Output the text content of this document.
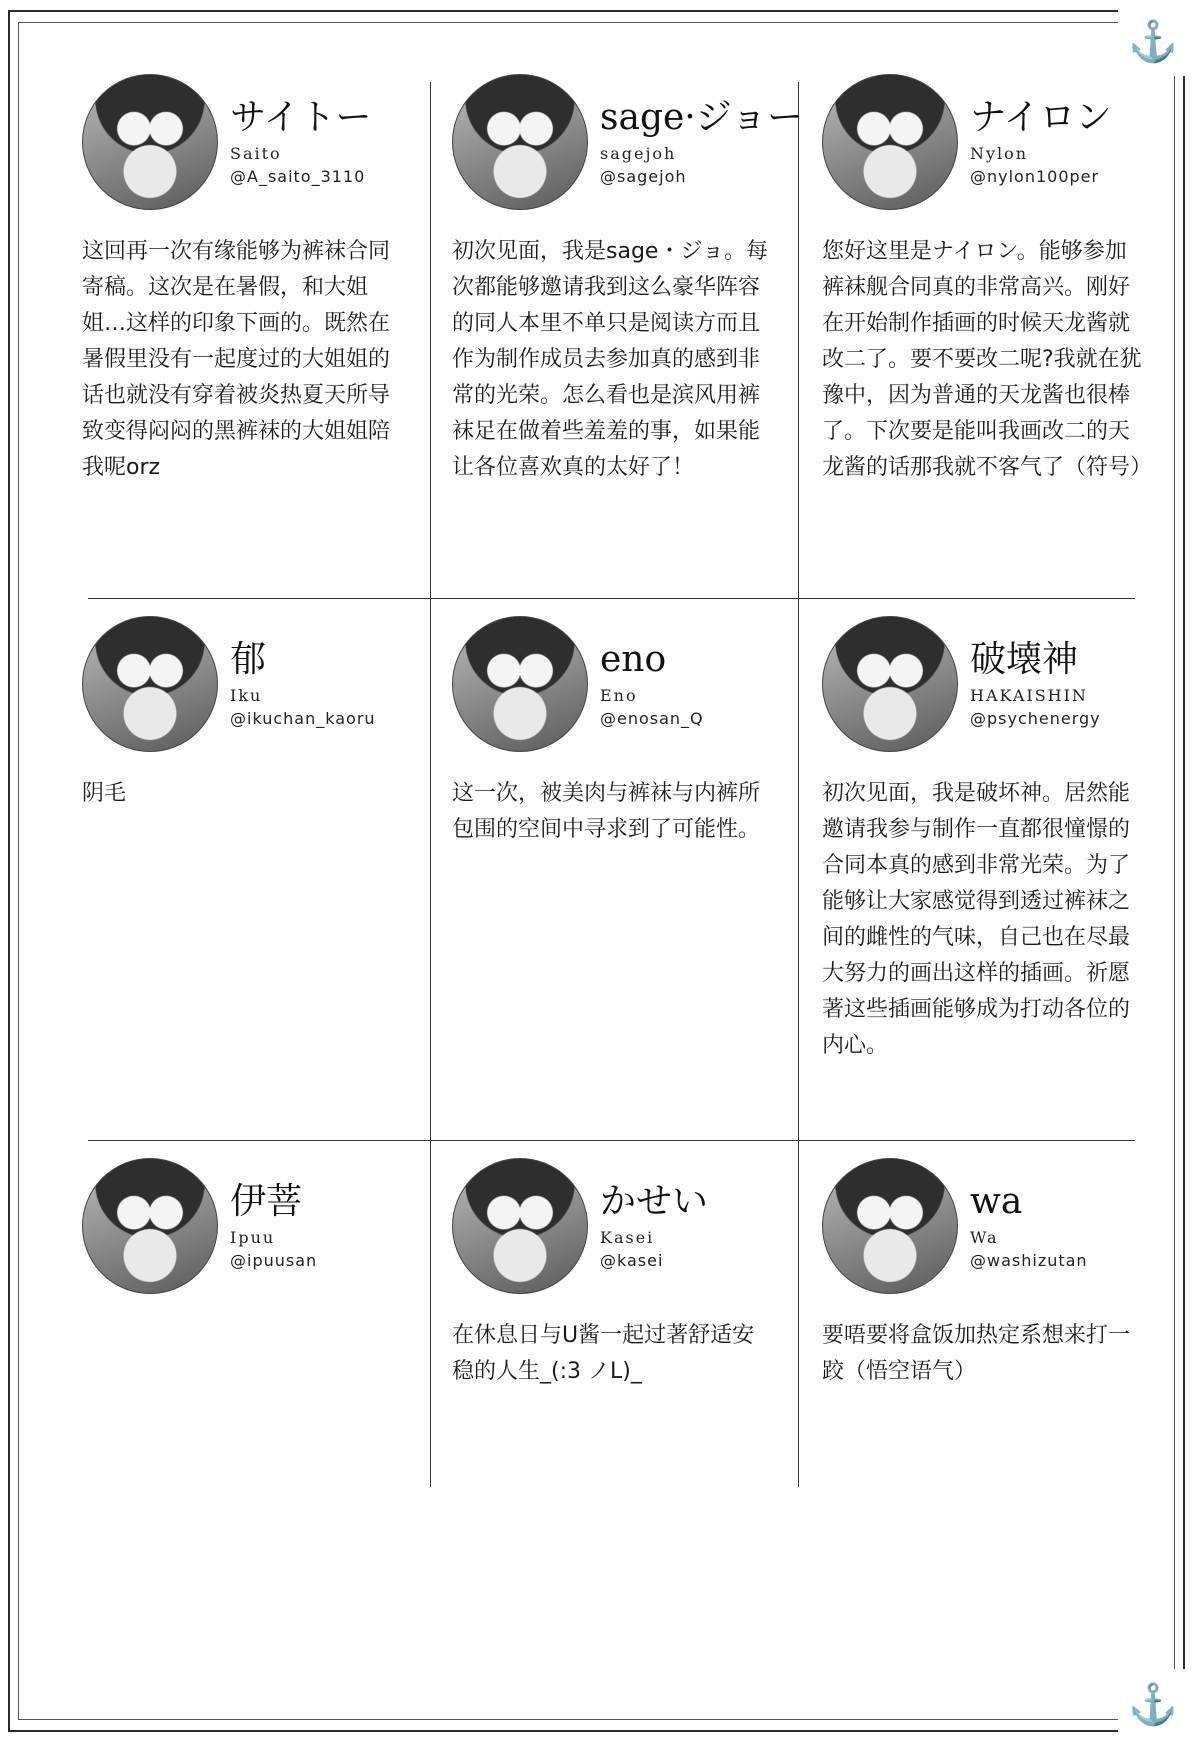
⚓
⚓
サイトー
Saito
@A_saito_3110
这回再一次有缘能够为裤袜合同寄稿。这次是在暑假，和大姐姐…这样的印象下画的。既然在暑假里没有一起度过的大姐姐的话也就没有穿着被炎热夏天所导致变得闷闷的黑裤袜的大姐姐陪我呢orz
sage·ジョー
sagejoh
@sagejoh
初次见面，我是sage・ジョ。每次都能够邀请我到这么豪华阵容的同人本里不单只是阅读方而且作为制作成员去参加真的感到非常的光荣。怎么看也是滨风用裤袜足在做着些羞羞的事，如果能让各位喜欢真的太好了！
ナイロン
Nylon
@nylon100per
您好这里是ナイロン。能够参加裤袜舰合同真的非常高兴。刚好在开始制作插画的时候天龙酱就改二了。要不要改二呢?我就在犹豫中，因为普通的天龙酱也很棒了。下次要是能叫我画改二的天龙酱的话那我就不客气了（符号）
郁
Iku
@ikuchan_kaoru
阴毛
eno
Eno
@enosan_Q
这一次，被美肉与裤袜与内裤所包围的空间中寻求到了可能性。
破壊神
HAKAISHIN
@psychenergy
初次见面，我是破坏神。居然能邀请我参与制作一直都很憧憬的合同本真的感到非常光荣。为了能够让大家感觉得到透过裤袜之间的雌性的气味，自己也在尽最大努力的画出这样的插画。祈愿著这些插画能够成为打动各位的内心。
伊菩
Ipuu
@ipuusan
かせい
Kasei
@kasei
在休息日与U酱一起过著舒适安稳的人生_(:3 ノL)_
wa
Wa
@washizutan
要唔要将盒饭加热定系想来打一跤（悟空语气）
